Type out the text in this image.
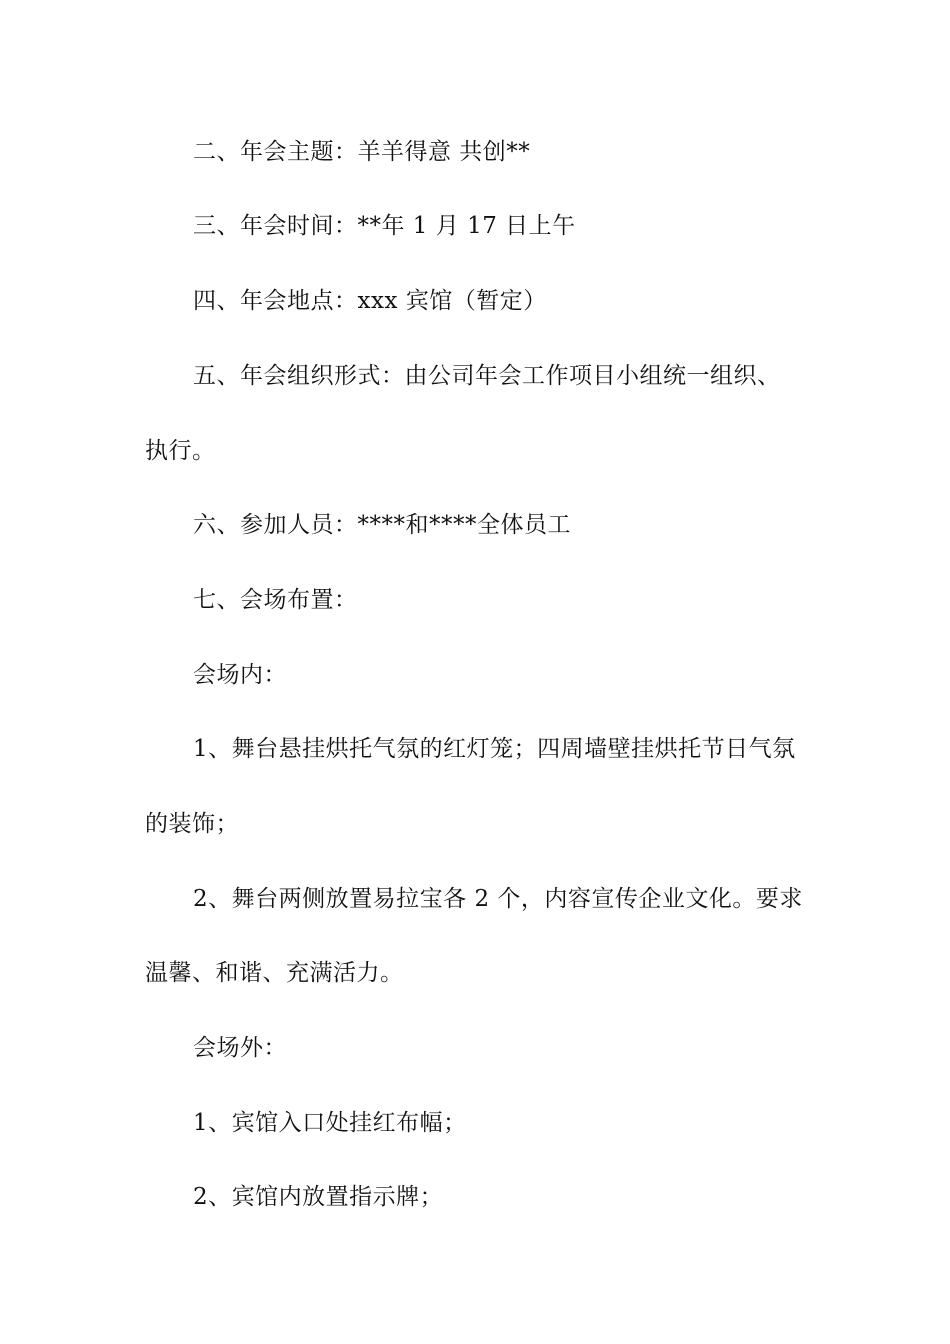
二、年会主题：羊羊得意 共创**
三、年会时间：**年 1 月 17 日上午
四、年会地点：xxx 宾馆（暂定）
五、年会组织形式：由公司年会工作项目小组统一组织、
执行。
六、参加人员：****和****全体员工
七、会场布置：
会场内：
1、舞台悬挂烘托气氛的红灯笼；四周墙壁挂烘托节日气氛
的装饰；
2、舞台两侧放置易拉宝各 2 个，内容宣传企业文化。要求
温馨、和谐、充满活力。
会场外：
1、宾馆入口处挂红布幅；
2、宾馆内放置指示牌；
